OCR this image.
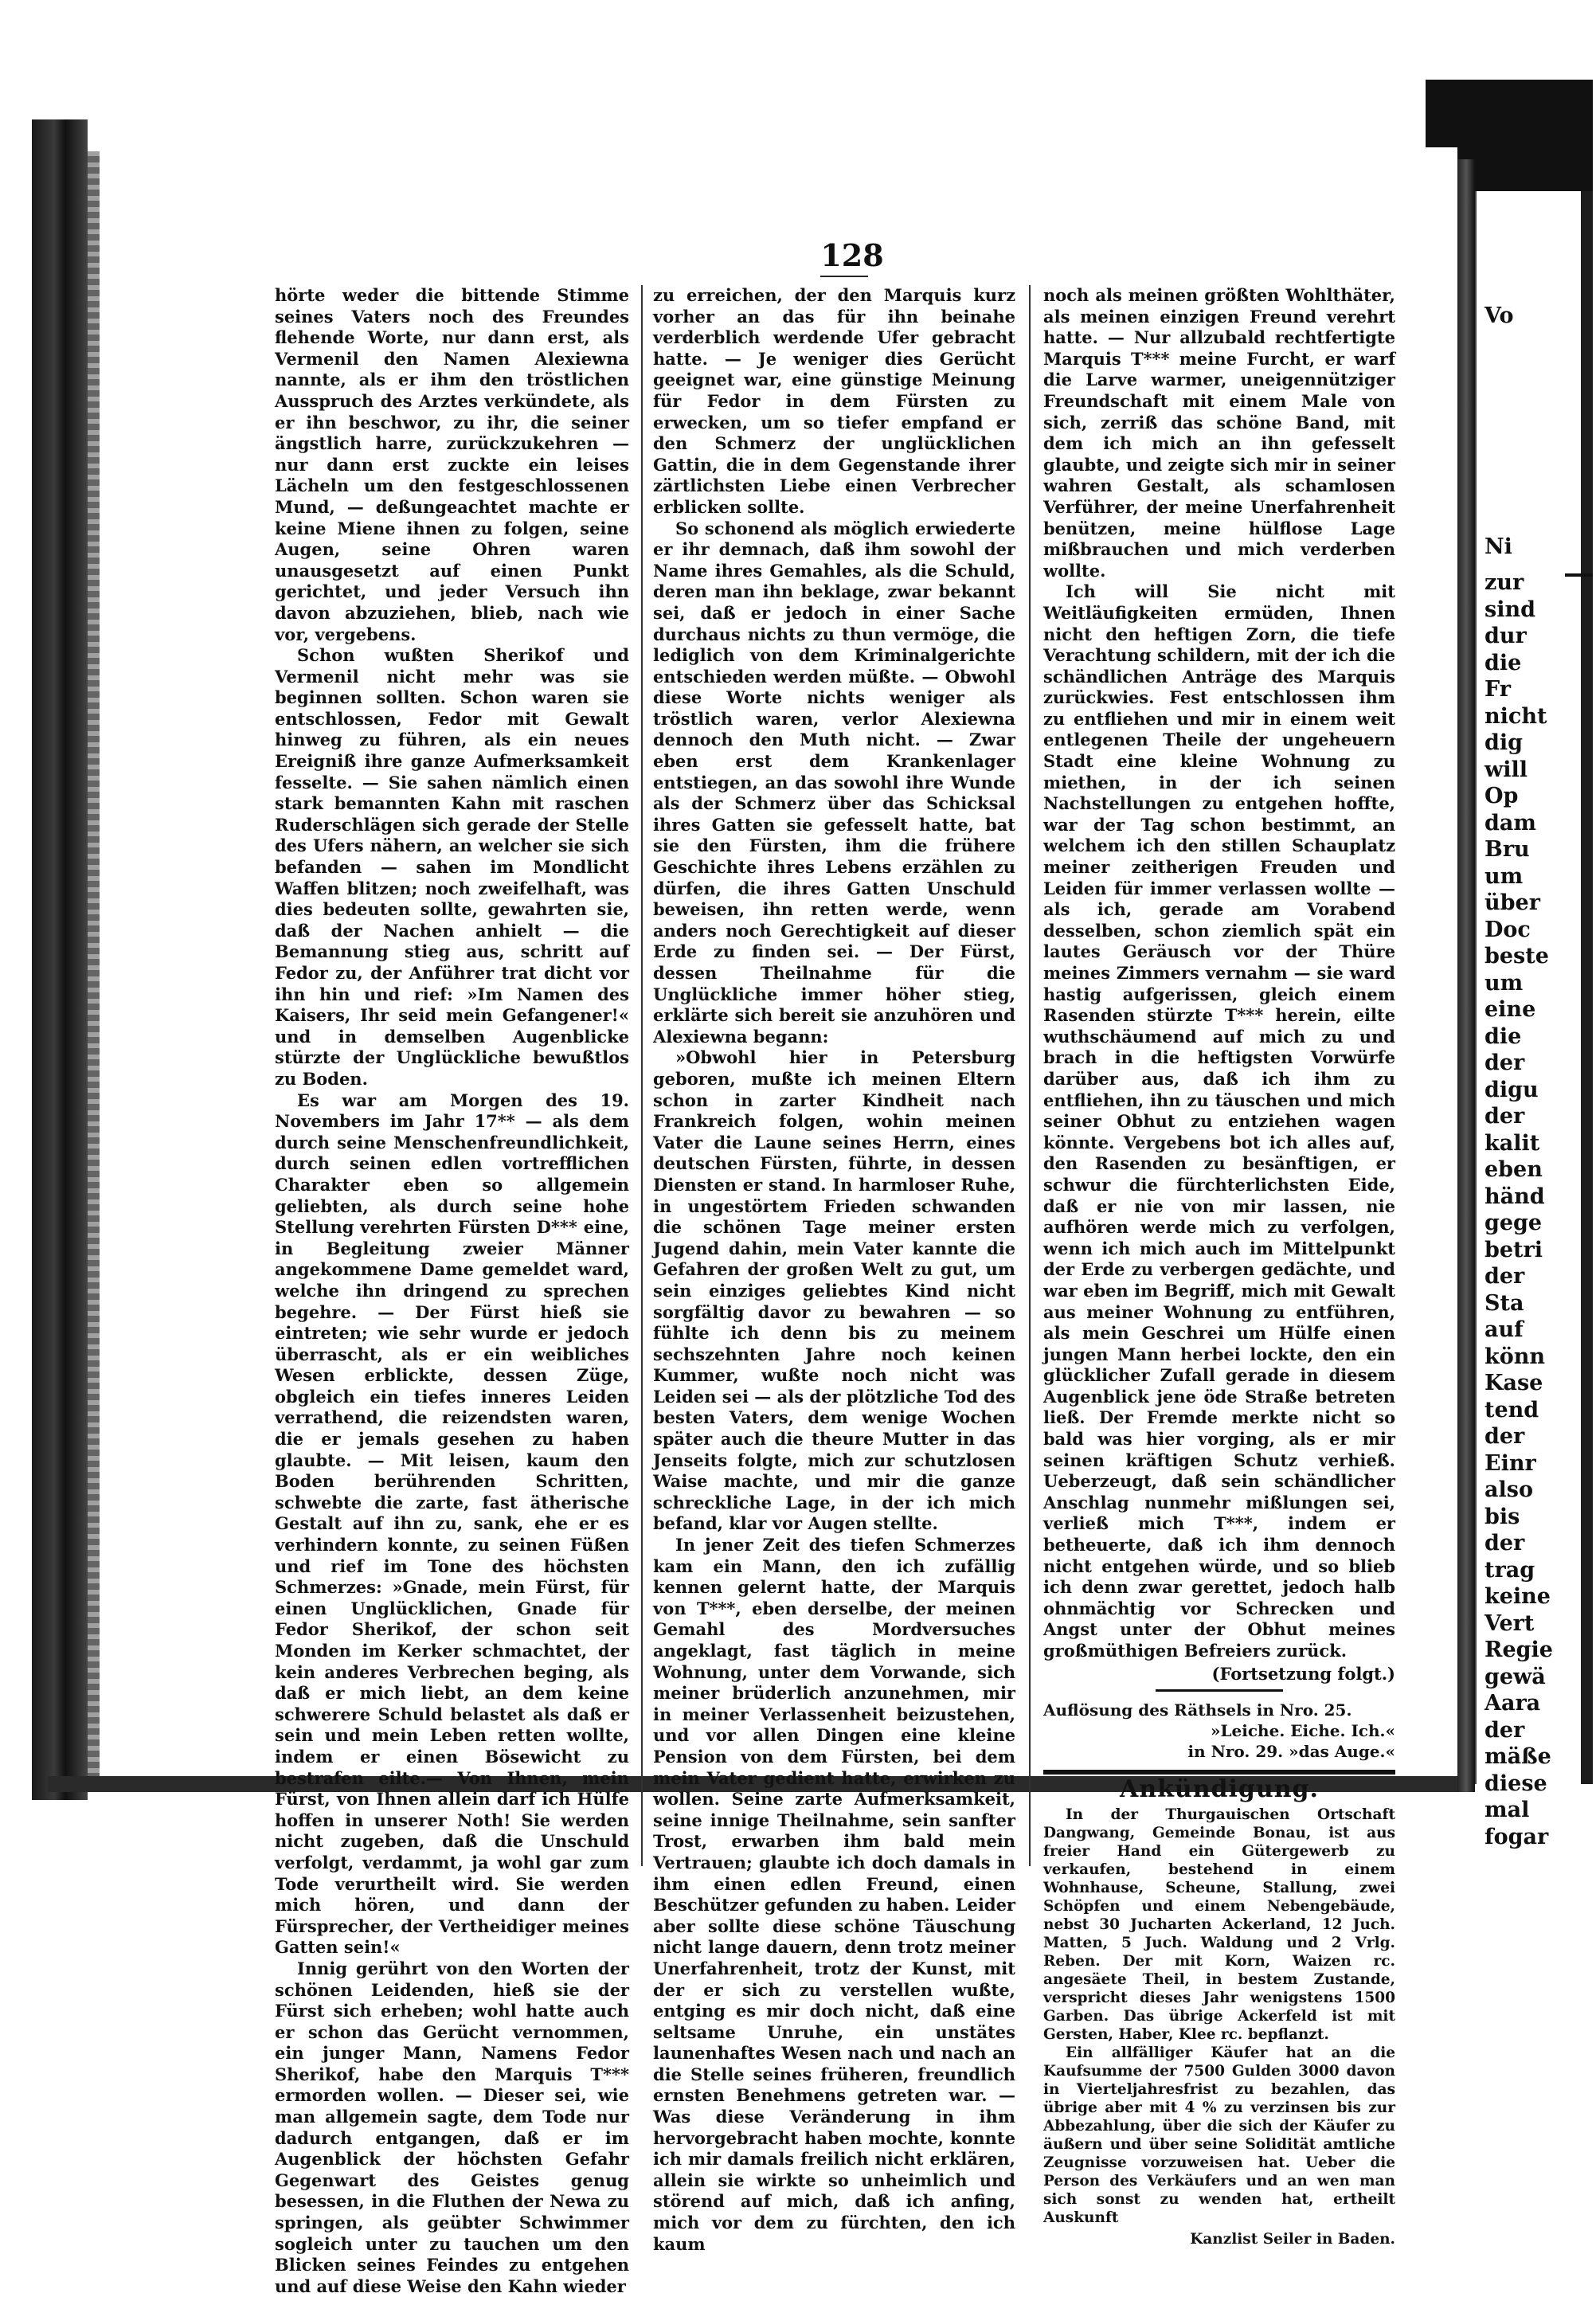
Vo
Ni
zur
sind
dur
die
Fr
nicht
dig
will
Op
dam
Bru
um
über
Doc
beste
um
eine
die
der
digu
der
kalit
eben
händ
gege
betri
der
Sta
auf
könn
Kase
tend
der
Einr
also
bis
der
trag
keine
Vert
Regie
gewä
Aara
der
mäße
diese
mal
fogar
128

hörte weder die bittende Stimme seines Vaters noch des Freundes flehende Worte, nur dann erst, als Vermenil den Namen Alexiewna nannte, als er ihm den tröstlichen Ausspruch des Arztes verkündete, als er ihn beschwor, zu ihr, die seiner ängstlich harre, zurückzukehren — nur dann erst zuckte ein leises Lächeln um den festgeschlossenen Mund, — deßungeachtet machte er keine Miene ihnen zu folgen, seine Augen, seine Ohren waren unausgesetzt auf einen Punkt gerichtet, und jeder Versuch ihn davon abzuziehen, blieb, nach wie vor, vergebens.

Schon wußten Sherikof und Vermenil nicht mehr was sie beginnen sollten. Schon waren sie entschlossen, Fedor mit Gewalt hinweg zu führen, als ein neues Ereigniß ihre ganze Aufmerksamkeit fesselte. — Sie sahen nämlich einen stark bemannten Kahn mit raschen Ruderschlägen sich gerade der Stelle des Ufers nähern, an welcher sie sich befanden — sahen im Mondlicht Waffen blitzen; noch zweifelhaft, was dies bedeuten sollte, gewahrten sie, daß der Nachen anhielt — die Bemannung stieg aus, schritt auf Fedor zu, der Anführer trat dicht vor ihn hin und rief: »Im Namen des Kaisers, Ihr seid mein Gefangener!« und in demselben Augenblicke stürzte der Unglückliche bewußtlos zu Boden.

Es war am Morgen des 19. Novembers im Jahr 17** — als dem durch seine Menschenfreundlichkeit, durch seinen edlen vortrefflichen Charakter eben so allgemein geliebten, als durch seine hohe Stellung verehrten Fürsten D*** eine, in Begleitung zweier Männer angekommene Dame gemeldet ward, welche ihn dringend zu sprechen begehre. — Der Fürst hieß sie eintreten; wie sehr wurde er jedoch überrascht, als er ein weibliches Wesen erblickte, dessen Züge, obgleich ein tiefes inneres Leiden verrathend, die reizendsten waren, die er jemals gesehen zu haben glaubte. — Mit leisen, kaum den Boden berührenden Schritten, schwebte die zarte, fast ätherische Gestalt auf ihn zu, sank, ehe er es verhindern konnte, zu seinen Füßen und rief im Tone des höchsten Schmerzes: »Gnade, mein Fürst, für einen Unglücklichen, Gnade für Fedor Sherikof, der schon seit Monden im Kerker schmachtet, der kein anderes Verbrechen beging, als daß er mich liebt, an dem keine schwerere Schuld belastet als daß er sein und mein Leben retten wollte, indem er einen Bösewicht zu bestrafen eilte.— Von Ihnen, mein Fürst, von Ihnen allein darf ich Hülfe hoffen in unserer Noth! Sie werden nicht zugeben, daß die Unschuld verfolgt, verdammt, ja wohl gar zum Tode verurtheilt wird. Sie werden mich hören, und dann der Fürsprecher, der Vertheidiger meines Gatten sein!«

Innig gerührt von den Worten der schönen Leidenden, hieß sie der Fürst sich erheben; wohl hatte auch er schon das Gerücht vernommen, ein junger Mann, Namens Fedor Sherikof, habe den Marquis T*** ermorden wollen. — Dieser sei, wie man allgemein sagte, dem Tode nur dadurch entgangen, daß er im Augenblick der höchsten Gefahr Gegenwart des Geistes genug besessen, in die Fluthen der Newa zu springen, als geübter Schwimmer sogleich unter zu tauchen um den Blicken seines Feindes zu entgehen und auf diese Weise den Kahn wieder

zu erreichen, der den Marquis kurz vorher an das für ihn beinahe verderblich werdende Ufer gebracht hatte. — Je weniger dies Gerücht geeignet war, eine günstige Meinung für Fedor in dem Fürsten zu erwecken, um so tiefer empfand er den Schmerz der unglücklichen Gattin, die in dem Gegenstande ihrer zärtlichsten Liebe einen Verbrecher erblicken sollte.

So schonend als möglich erwiederte er ihr demnach, daß ihm sowohl der Name ihres Gemahles, als die Schuld, deren man ihn beklage, zwar bekannt sei, daß er jedoch in einer Sache durchaus nichts zu thun vermöge, die lediglich von dem Kriminalgerichte entschieden werden müßte. — Obwohl diese Worte nichts weniger als tröstlich waren, verlor Alexiewna dennoch den Muth nicht. — Zwar eben erst dem Krankenlager entstiegen, an das sowohl ihre Wunde als der Schmerz über das Schicksal ihres Gatten sie gefesselt hatte, bat sie den Fürsten, ihm die frühere Geschichte ihres Lebens erzählen zu dürfen, die ihres Gatten Unschuld beweisen, ihn retten werde, wenn anders noch Gerechtigkeit auf dieser Erde zu finden sei. — Der Fürst, dessen Theilnahme für die Unglückliche immer höher stieg, erklärte sich bereit sie anzuhören und Alexiewna begann:

»Obwohl hier in Petersburg geboren, mußte ich meinen Eltern schon in zarter Kindheit nach Frankreich folgen, wohin meinen Vater die Laune seines Herrn, eines deutschen Fürsten, führte, in dessen Diensten er stand. In harmloser Ruhe, in ungestörtem Frieden schwanden die schönen Tage meiner ersten Jugend dahin, mein Vater kannte die Gefahren der großen Welt zu gut, um sein einziges geliebtes Kind nicht sorgfältig davor zu bewahren — so fühlte ich denn bis zu meinem sechszehnten Jahre noch keinen Kummer, wußte noch nicht was Leiden sei — als der plötzliche Tod des besten Vaters, dem wenige Wochen später auch die theure Mutter in das Jenseits folgte, mich zur schutzlosen Waise machte, und mir die ganze schreckliche Lage, in der ich mich befand, klar vor Augen stellte.

In jener Zeit des tiefen Schmerzes kam ein Mann, den ich zufällig kennen gelernt hatte, der Marquis von T***, eben derselbe, der meinen Gemahl des Mordversuches angeklagt, fast täglich in meine Wohnung, unter dem Vorwande, sich meiner brüderlich anzunehmen, mir in meiner Verlassenheit beizustehen, und vor allen Dingen eine kleine Pension von dem Fürsten, bei dem mein Vater gedient hatte, erwirken zu wollen. Seine zarte Aufmerksamkeit, seine innige Theilnahme, sein sanfter Trost, erwarben ihm bald mein Vertrauen; glaubte ich doch damals in ihm einen edlen Freund, einen Beschützer gefunden zu haben. Leider aber sollte diese schöne Täuschung nicht lange dauern, denn trotz meiner Unerfahrenheit, trotz der Kunst, mit der er sich zu verstellen wußte, entging es mir doch nicht, daß eine seltsame Unruhe, ein unstätes launenhaftes Wesen nach und nach an die Stelle seines früheren, freundlich ernsten Benehmens getreten war. — Was diese Veränderung in ihm hervorgebracht haben mochte, konnte ich mir damals freilich nicht erklären, allein sie wirkte so unheimlich und störend auf mich, daß ich anfing, mich vor dem zu fürchten, den ich kaum

noch als meinen größten Wohlthäter, als meinen einzigen Freund verehrt hatte. — Nur allzubald rechtfertigte Marquis T*** meine Furcht, er warf die Larve warmer, uneigennütziger Freundschaft mit einem Male von sich, zerriß das schöne Band, mit dem ich mich an ihn gefesselt glaubte, und zeigte sich mir in seiner wahren Gestalt, als schamlosen Verführer, der meine Unerfahrenheit benützen, meine hülflose Lage mißbrauchen und mich verderben wollte.

Ich will Sie nicht mit Weitläufigkeiten ermüden, Ihnen nicht den heftigen Zorn, die tiefe Verachtung schildern, mit der ich die schändlichen Anträge des Marquis zurückwies. Fest entschlossen ihm zu entfliehen und mir in einem weit entlegenen Theile der ungeheuern Stadt eine kleine Wohnung zu miethen, in der ich seinen Nachstellungen zu entgehen hoffte, war der Tag schon bestimmt, an welchem ich den stillen Schauplatz meiner zeitherigen Freuden und Leiden für immer verlassen wollte — als ich, gerade am Vorabend desselben, schon ziemlich spät ein lautes Geräusch vor der Thüre meines Zimmers vernahm — sie ward hastig aufgerissen, gleich einem Rasenden stürzte T*** herein, eilte wuthschäumend auf mich zu und brach in die heftigsten Vorwürfe darüber aus, daß ich ihm zu entfliehen, ihn zu täuschen und mich seiner Obhut zu entziehen wagen könnte. Vergebens bot ich alles auf, den Rasenden zu besänftigen, er schwur die fürchterlichsten Eide, daß er nie von mir lassen, nie aufhören werde mich zu verfolgen, wenn ich mich auch im Mittelpunkt der Erde zu verbergen gedächte, und war eben im Begriff, mich mit Gewalt aus meiner Wohnung zu entführen, als mein Geschrei um Hülfe einen jungen Mann herbei lockte, den ein glücklicher Zufall gerade in diesem Augenblick jene öde Straße betreten ließ. Der Fremde merkte nicht so bald was hier vorging, als er mir seinen kräftigen Schutz verhieß. Ueberzeugt, daß sein schändlicher Anschlag nunmehr mißlungen sei, verließ mich T***, indem er betheuerte, daß ich ihm dennoch nicht entgehen würde, und so blieb ich denn zwar gerettet, jedoch halb ohnmächtig vor Schrecken und Angst unter der Obhut meines großmüthigen Befreiers zurück.

(Fortsetzung folgt.)
Auflösung des Räthsels in Nro. 25.
»Leiche. Eiche. Ich.«
in Nro. 29. »das Auge.«
Ankündigung.

In der Thurgauischen Ortschaft Dangwang, Gemeinde Bonau, ist aus freier Hand ein Gütergewerb zu verkaufen, bestehend in einem Wohnhause, Scheune, Stallung, zwei Schöpfen und einem Nebengebäude, nebst 30 Jucharten Ackerland, 12 Juch. Matten, 5 Juch. Waldung und 2 Vrlg. Reben. Der mit Korn, Waizen rc. angesäete Theil, in bestem Zustande, verspricht dieses Jahr wenigstens 1500 Garben. Das übrige Ackerfeld ist mit Gersten, Haber, Klee rc. bepflanzt.

Ein allfälliger Käufer hat an die Kaufsumme der 7500 Gulden 3000 davon in Vierteljahresfrist zu bezahlen, das übrige aber mit 4 % zu verzinsen bis zur Abbezahlung, über die sich der Käufer zu äußern und über seine Solidität amtliche Zeugnisse vorzuweisen hat. Ueber die Person des Verkäufers und an wen man sich sonst zu wenden hat, ertheilt Auskunft

Kanzlist Seiler in Baden.
